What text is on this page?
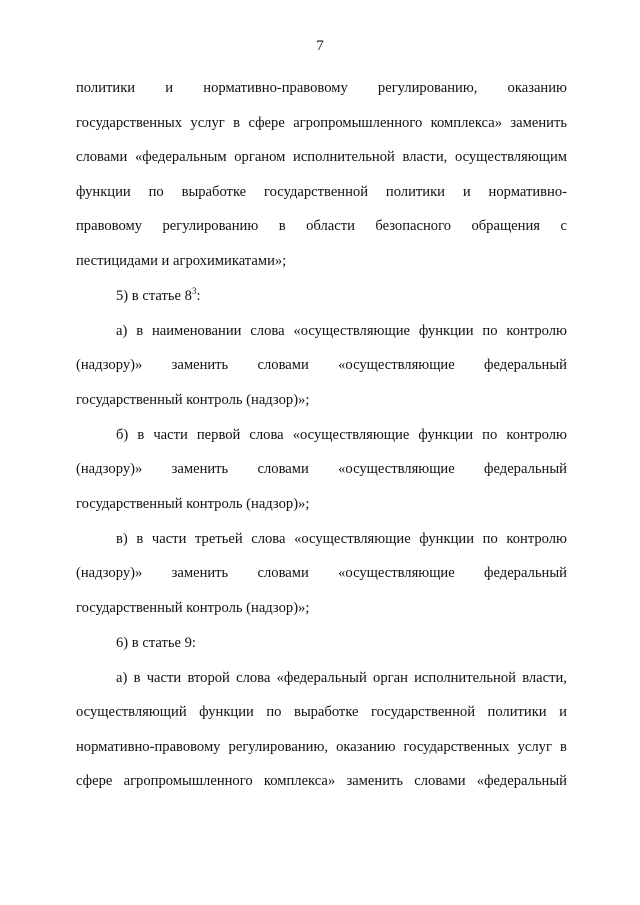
7
политики и нормативно-правовому регулированию, оказанию
государственных услуг в сфере агропромышленного комплекса» заменить
словами «федеральным органом исполнительной власти, осуществляющим
функции по выработке государственной политики и нормативно-
правовому регулированию в области безопасного обращения с
пестицидами и агрохимикатами»;
5) в статье $8^3$:
а) в наименовании слова «осуществляющие функции по контролю
(надзору)» заменить словами «осуществляющие федеральный
государственный контроль (надзор)»;
б) в части первой слова «осуществляющие функции по контролю
(надзору)» заменить словами «осуществляющие федеральный
государственный контроль (надзор)»;
в) в части третьей слова «осуществляющие функции по контролю
(надзору)» заменить словами «осуществляющие федеральный
государственный контроль (надзор)»;
6) в статье 9:
а) в части второй слова «федеральный орган исполнительной власти,
осуществляющий функции по выработке государственной политики и
нормативно-правовому регулированию, оказанию государственных услуг в
сфере агропромышленного комплекса» заменить словами «федеральный
